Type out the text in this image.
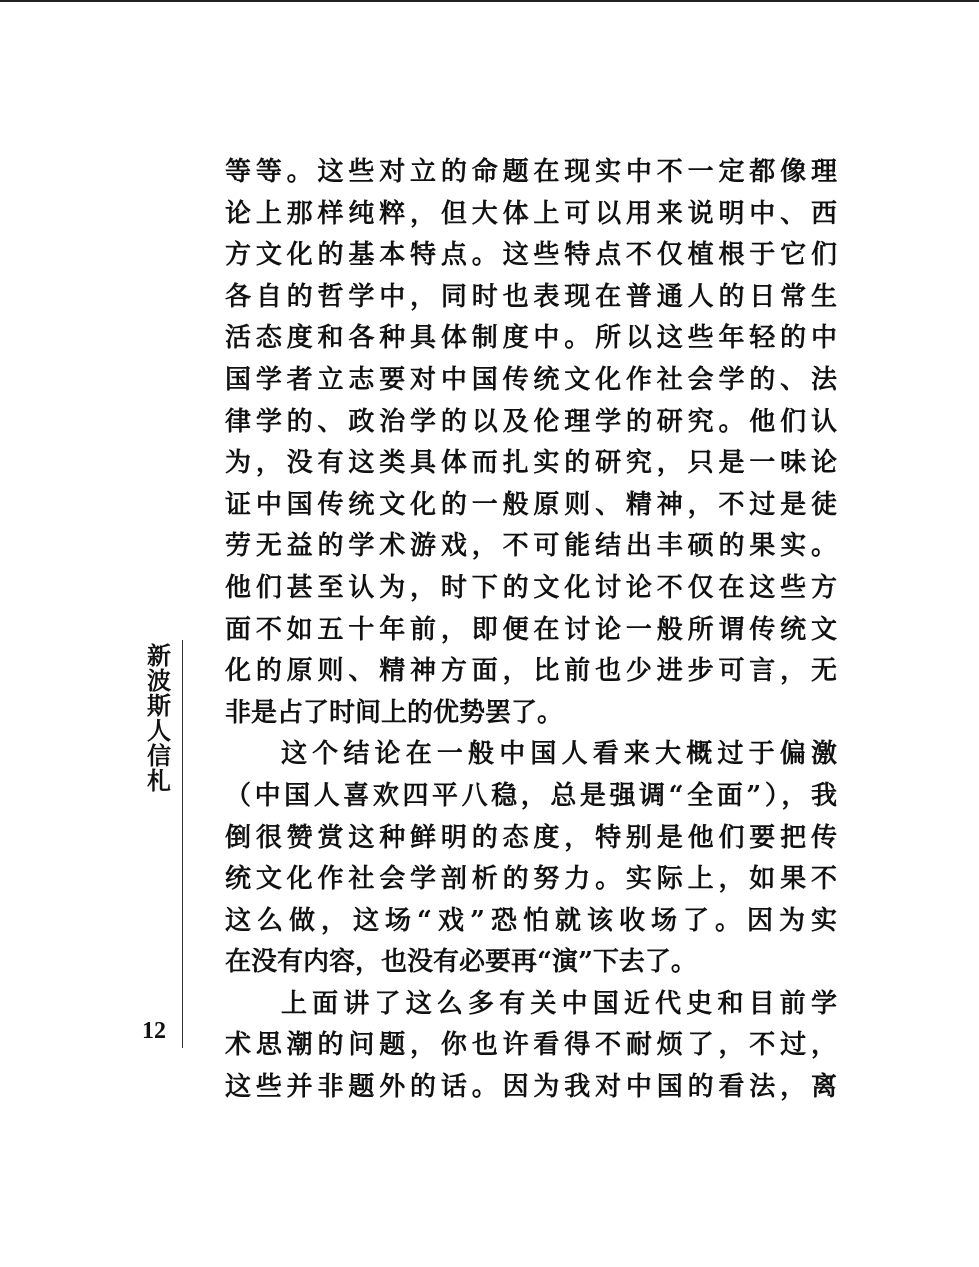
新波斯人信札
12
等等。这些对立的命题在现实中不一定都像理
论上那样纯粹，但大体上可以用来说明中、西
方文化的基本特点。这些特点不仅植根于它们
各自的哲学中，同时也表现在普通人的日常生
活态度和各种具体制度中。所以这些年轻的中
国学者立志要对中国传统文化作社会学的、法
律学的、政治学的以及伦理学的研究。他们认
为，没有这类具体而扎实的研究，只是一味论
证中国传统文化的一般原则、精神，不过是徒
劳无益的学术游戏，不可能结出丰硕的果实。
他们甚至认为，时下的文化讨论不仅在这些方
面不如五十年前，即便在讨论一般所谓传统文
化的原则、精神方面，比前也少进步可言，无
非是占了时间上的优势罢了。
这个结论在一般中国人看来大概过于偏激
（中国人喜欢四平八稳，总是强调“全面”），我
倒很赞赏这种鲜明的态度，特别是他们要把传
统文化作社会学剖析的努力。实际上，如果不
这么做，这场“戏”恐怕就该收场了。因为实
在没有内容，也没有必要再“演”下去了。
上面讲了这么多有关中国近代史和目前学
术思潮的问题，你也许看得不耐烦了，不过，
这些并非题外的话。因为我对中国的看法，离
